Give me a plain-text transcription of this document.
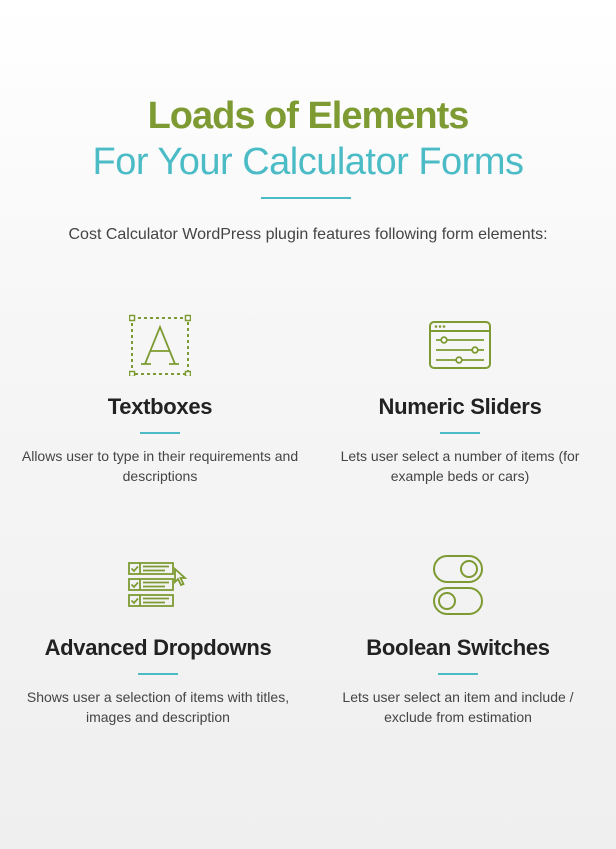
Loads of Elements
For Your Calculator Forms
Cost Calculator WordPress plugin features following form elements:
Textboxes
Allows user to type in their requirements and descriptions
Numeric Sliders
Lets user select a number of items (for example beds or cars)
Advanced Dropdowns
Shows user a selection of items with titles, images and description
Boolean Switches
Lets user select an item and include / exclude from estimation
